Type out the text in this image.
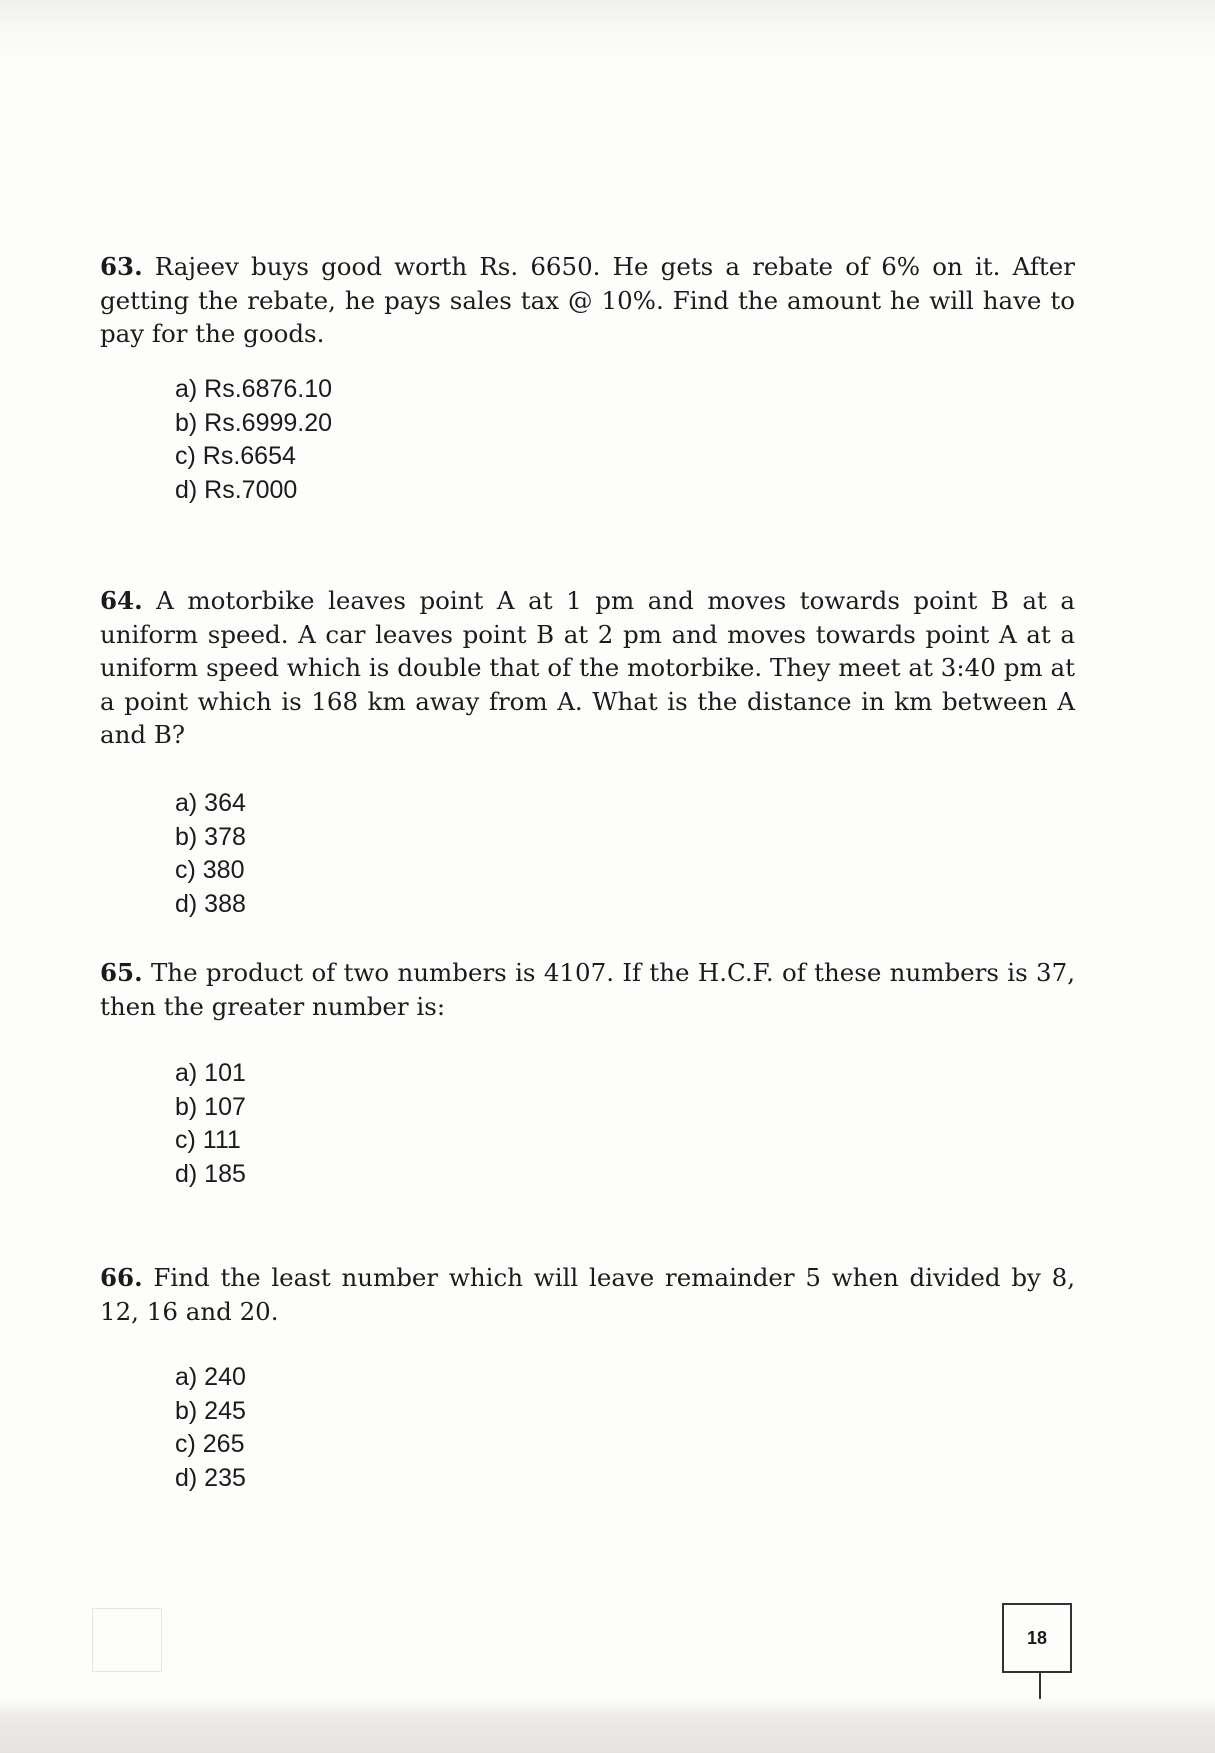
63. Rajeev buys good worth Rs. 6650. He gets a rebate of 6% on it. After getting the rebate, he pays sales tax @ 10%. Find the amount he will have to pay for the goods.
a) Rs.6876.10
b) Rs.6999.20
c) Rs.6654
d) Rs.7000
64. A motorbike leaves point A at 1 pm and moves towards point B at a uniform speed. A car leaves point B at 2 pm and moves towards point A at a uniform speed which is double that of the motorbike. They meet at 3:40 pm at a point which is 168 km away from A. What is the distance in km between A and B?
a) 364
b) 378
c) 380
d) 388
65. The product of two numbers is 4107. If the H.C.F. of these numbers is 37, then the greater number is:
a) 101
b) 107
c) 111
d) 185
66. Find the least number which will leave remainder 5 when divided by 8, 12, 16 and 20.
a) 240
b) 245
c) 265
d) 235
18
